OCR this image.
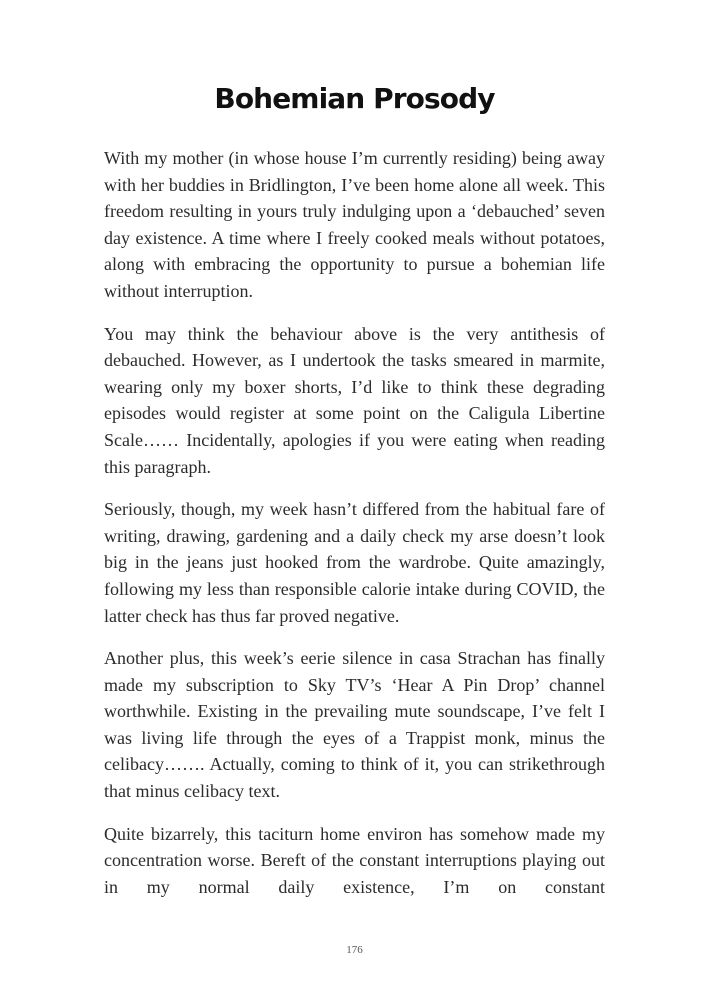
Bohemian Prosody

With my mother (in whose house I’m currently residing) being away with her buddies in Bridlington, I’ve been home alone all week. This freedom resulting in yours truly indulging upon a ‘debauched’ seven day existence. A time where I freely cooked meals without potatoes, along with embracing the opportunity to pursue a bohemian life without interruption.

You may think the behaviour above is the very antithesis of debauched. However, as I undertook the tasks smeared in marmite, wearing only my boxer shorts, I’d like to think these degrading episodes would register at some point on the Caligula Libertine Scale…… Incidentally, apologies if you were eating when reading this paragraph.

Seriously, though, my week hasn’t differed from the habitual fare of writing, drawing, gardening and a daily check my arse doesn’t look big in the jeans just hooked from the wardrobe. Quite amazingly, following my less than responsible calorie intake during COVID, the latter check has thus far proved negative.

Another plus, this week’s eerie silence in casa Strachan has finally made my subscription to Sky TV’s ‘Hear A Pin Drop’ channel worthwhile. Existing in the prevailing mute soundscape, I’ve felt I was living life through the eyes of a Trappist monk, minus the celibacy……. Actually, coming to think of it, you can strikethrough that minus celibacy text.

Quite bizarrely, this taciturn home environ has somehow made my concentration worse. Bereft of the constant interruptions playing out in my normal daily existence, I’m on constant

176
